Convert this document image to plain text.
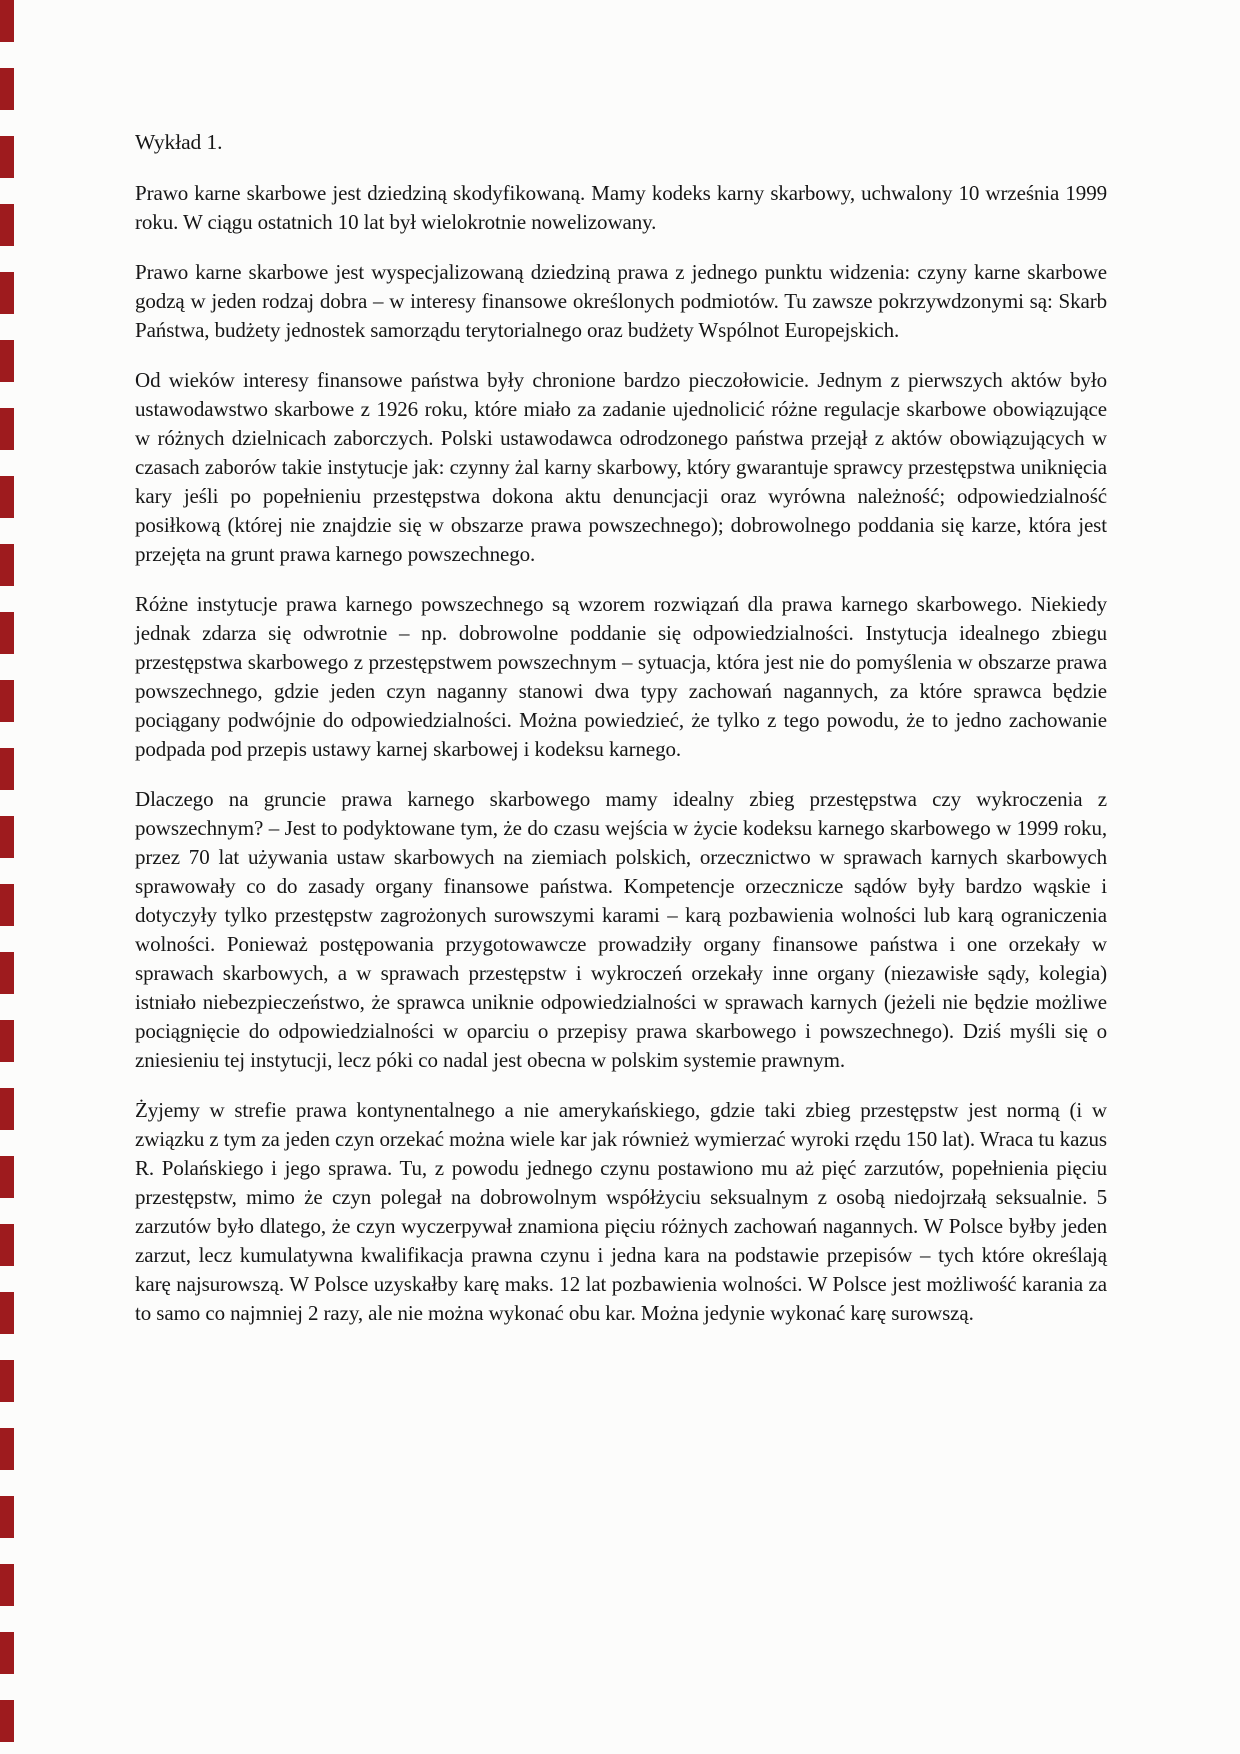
Wykład 1.

Prawo karne skarbowe jest dziedziną skodyfikowaną. Mamy kodeks karny skarbowy, uchwalony 10 września 1999 roku. W ciągu ostatnich 10 lat był wielokrotnie nowelizowany.

Prawo karne skarbowe jest wyspecjalizowaną dziedziną prawa z jednego punktu widzenia: czyny karne skarbowe godzą w jeden rodzaj dobra – w interesy finansowe określonych podmiotów. Tu zawsze pokrzywdzonymi są: Skarb Państwa, budżety jednostek samorządu terytorialnego oraz budżety Wspólnot Europejskich.

Od wieków interesy finansowe państwa były chronione bardzo pieczołowicie. Jednym z pierwszych aktów było ustawodawstwo skarbowe z 1926 roku, które miało za zadanie ujednolicić różne regulacje skarbowe obowiązujące w różnych dzielnicach zaborczych. Polski ustawodawca odrodzonego państwa przejął z aktów obowiązujących w czasach zaborów takie instytucje jak: czynny żal karny skarbowy, który gwarantuje sprawcy przestępstwa uniknięcia kary jeśli po popełnieniu przestępstwa dokona aktu denuncjacji oraz wyrówna należność; odpowiedzialność posiłkową (której nie znajdzie się w obszarze prawa powszechnego); dobrowolnego poddania się karze, która jest przejęta na grunt prawa karnego powszechnego.

Różne instytucje prawa karnego powszechnego są wzorem rozwiązań dla prawa karnego skarbowego. Niekiedy jednak zdarza się odwrotnie – np. dobrowolne poddanie się odpowiedzialności. Instytucja idealnego zbiegu przestępstwa skarbowego z przestępstwem powszechnym – sytuacja, która jest nie do pomyślenia w obszarze prawa powszechnego, gdzie jeden czyn naganny stanowi dwa typy zachowań nagannych, za które sprawca będzie pociągany podwójnie do odpowiedzialności. Można powiedzieć, że tylko z tego powodu, że to jedno zachowanie podpada pod przepis ustawy karnej skarbowej i kodeksu karnego.

Dlaczego na gruncie prawa karnego skarbowego mamy idealny zbieg przestępstwa czy wykroczenia z powszechnym? – Jest to podyktowane tym, że do czasu wejścia w życie kodeksu karnego skarbowego w 1999 roku, przez 70 lat używania ustaw skarbowych na ziemiach polskich, orzecznictwo w sprawach karnych skarbowych sprawowały co do zasady organy finansowe państwa. Kompetencje orzecznicze sądów były bardzo wąskie i dotyczyły tylko przestępstw zagrożonych surowszymi karami – karą pozbawienia wolności lub karą ograniczenia wolności. Ponieważ postępowania przygotowawcze prowadziły organy finansowe państwa i one orzekały w sprawach skarbowych, a w sprawach przestępstw i wykroczeń orzekały inne organy (niezawisłe sądy, kolegia) istniało niebezpieczeństwo, że sprawca uniknie odpowiedzialności w sprawach karnych (jeżeli nie będzie możliwe pociągnięcie do odpowiedzialności w oparciu o przepisy prawa skarbowego i powszechnego). Dziś myśli się o zniesieniu tej instytucji, lecz póki co nadal jest obecna w polskim systemie prawnym.

Żyjemy w strefie prawa kontynentalnego a nie amerykańskiego, gdzie taki zbieg przestępstw jest normą (i w związku z tym za jeden czyn orzekać można wiele kar jak również wymierzać wyroki rzędu 150 lat). Wraca tu kazus R. Polańskiego i jego sprawa. Tu, z powodu jednego czynu postawiono mu aż pięć zarzutów, popełnienia pięciu przestępstw, mimo że czyn polegał na dobrowolnym współżyciu seksualnym z osobą niedojrzałą seksualnie. 5 zarzutów było dlatego, że czyn wyczerpywał znamiona pięciu różnych zachowań nagannych. W Polsce byłby jeden zarzut, lecz kumulatywna kwalifikacja prawna czynu i jedna kara na podstawie przepisów – tych które określają karę najsurowszą. W Polsce uzyskałby karę maks. 12 lat pozbawienia wolności. W Polsce jest możliwość karania za to samo co najmniej 2 razy, ale nie można wykonać obu kar. Można jedynie wykonać karę surowszą.
